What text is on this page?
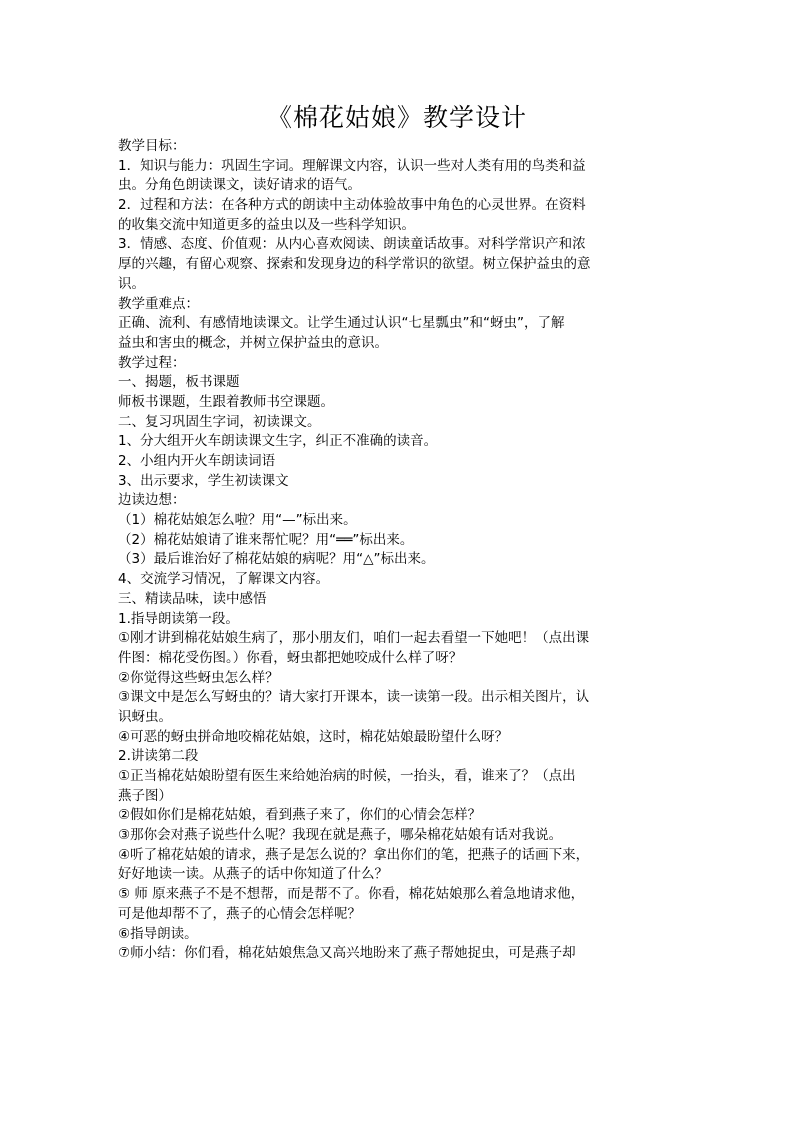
《棉花姑娘》教学设计
教学目标：
1．知识与能力：巩固生字词。理解课文内容，认识一些对人类有用的鸟类和益
虫。分角色朗读课文，读好请求的语气。
2．过程和方法：在各种方式的朗读中主动体验故事中角色的心灵世界。在资料
的收集交流中知道更多的益虫以及一些科学知识。
3．情感、态度、价值观：从内心喜欢阅读、朗读童话故事。对科学常识产和浓
厚的兴趣，有留心观察、探索和发现身边的科学常识的欲望。树立保护益虫的意
识。
教学重难点：
正确、流利、有感情地读课文。让学生通过认识“七星瓢虫”和“蚜虫”，了解
益虫和害虫的概念，并树立保护益虫的意识。
教学过程：
一、揭题，板书课题
师板书课题，生跟着教师书空课题。
二、复习巩固生字词，初读课文。
1、分大组开火车朗读课文生字，纠正不准确的读音。
2、小组内开火车朗读词语
3、出示要求，学生初读课文
边读边想：
（1）棉花姑娘怎么啦？用“—”标出来。
（2）棉花姑娘请了谁来帮忙呢？用“══”标出来。
（3）最后谁治好了棉花姑娘的病呢？用“△”标出来。
4、交流学习情况，了解课文内容。
三、精读品味，读中感悟
1.指导朗读第一段。
①刚才讲到棉花姑娘生病了，那小朋友们，咱们一起去看望一下她吧！（点出课
件图：棉花受伤图。）你看，蚜虫都把她咬成什么样了呀？
②你觉得这些蚜虫怎么样？
③课文中是怎么写蚜虫的？请大家打开课本，读一读第一段。出示相关图片，认
识蚜虫。
④可恶的蚜虫拼命地咬棉花姑娘，这时，棉花姑娘最盼望什么呀？
2.讲读第二段
①正当棉花姑娘盼望有医生来给她治病的时候，一抬头，看，谁来了？（点出
燕子图）
②假如你们是棉花姑娘，看到燕子来了，你们的心情会怎样？
③那你会对燕子说些什么呢？我现在就是燕子，哪朵棉花姑娘有话对我说。
④听了棉花姑娘的请求，燕子是怎么说的？拿出你们的笔，把燕子的话画下来，
好好地读一读。从燕子的话中你知道了什么？
⑤ 师 原来燕子不是不想帮，而是帮不了。你看，棉花姑娘那么着急地请求他，
可是他却帮不了，燕子的心情会怎样呢？
⑥指导朗读。
⑦师小结：你们看，棉花姑娘焦急又高兴地盼来了燕子帮她捉虫，可是燕子却
